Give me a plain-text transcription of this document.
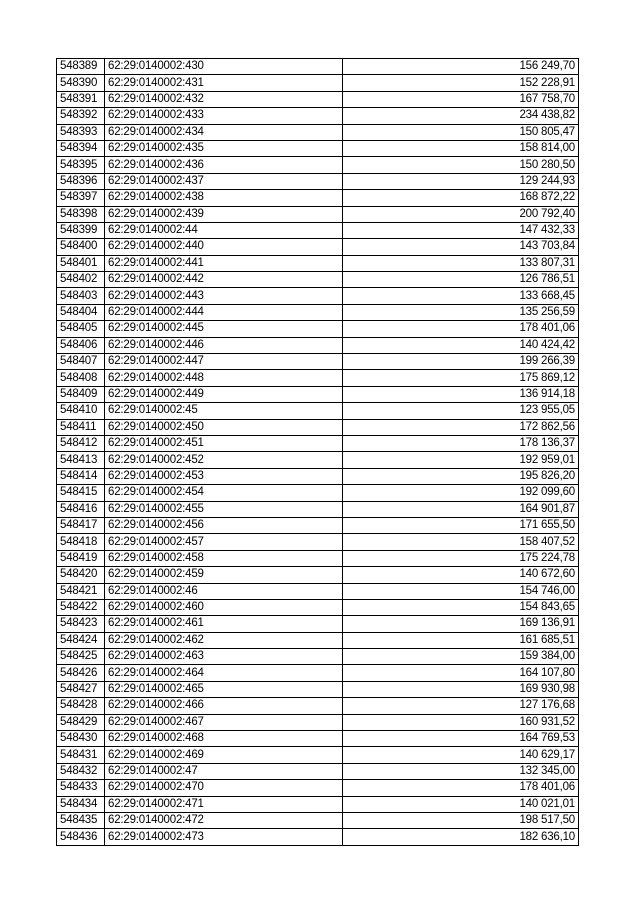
548389	62:29:0140002:430	156 249,70
548390	62:29:0140002:431	152 228,91
548391	62:29:0140002:432	167 758,70
548392	62:29:0140002:433	234 438,82
548393	62:29:0140002:434	150 805,47
548394	62:29:0140002:435	158 814,00
548395	62:29:0140002:436	150 280,50
548396	62:29:0140002:437	129 244,93
548397	62:29:0140002:438	168 872,22
548398	62:29:0140002:439	200 792,40
548399	62:29:0140002:44	147 432,33
548400	62:29:0140002:440	143 703,84
548401	62:29:0140002:441	133 807,31
548402	62:29:0140002:442	126 786,51
548403	62:29:0140002:443	133 668,45
548404	62:29:0140002:444	135 256,59
548405	62:29:0140002:445	178 401,06
548406	62:29:0140002:446	140 424,42
548407	62:29:0140002:447	199 266,39
548408	62:29:0140002:448	175 869,12
548409	62:29:0140002:449	136 914,18
548410	62:29:0140002:45	123 955,05
548411	62:29:0140002:450	172 862,56
548412	62:29:0140002:451	178 136,37
548413	62:29:0140002:452	192 959,01
548414	62:29:0140002:453	195 826,20
548415	62:29:0140002:454	192 099,60
548416	62:29:0140002:455	164 901,87
548417	62:29:0140002:456	171 655,50
548418	62:29:0140002:457	158 407,52
548419	62:29:0140002:458	175 224,78
548420	62:29:0140002:459	140 672,60
548421	62:29:0140002:46	154 746,00
548422	62:29:0140002:460	154 843,65
548423	62:29:0140002:461	169 136,91
548424	62:29:0140002:462	161 685,51
548425	62:29:0140002:463	159 384,00
548426	62:29:0140002:464	164 107,80
548427	62:29:0140002:465	169 930,98
548428	62:29:0140002:466	127 176,68
548429	62:29:0140002:467	160 931,52
548430	62:29:0140002:468	164 769,53
548431	62:29:0140002:469	140 629,17
548432	62:29:0140002:47	132 345,00
548433	62:29:0140002:470	178 401,06
548434	62:29:0140002:471	140 021,01
548435	62:29:0140002:472	198 517,50
548436	62:29:0140002:473	182 636,10
